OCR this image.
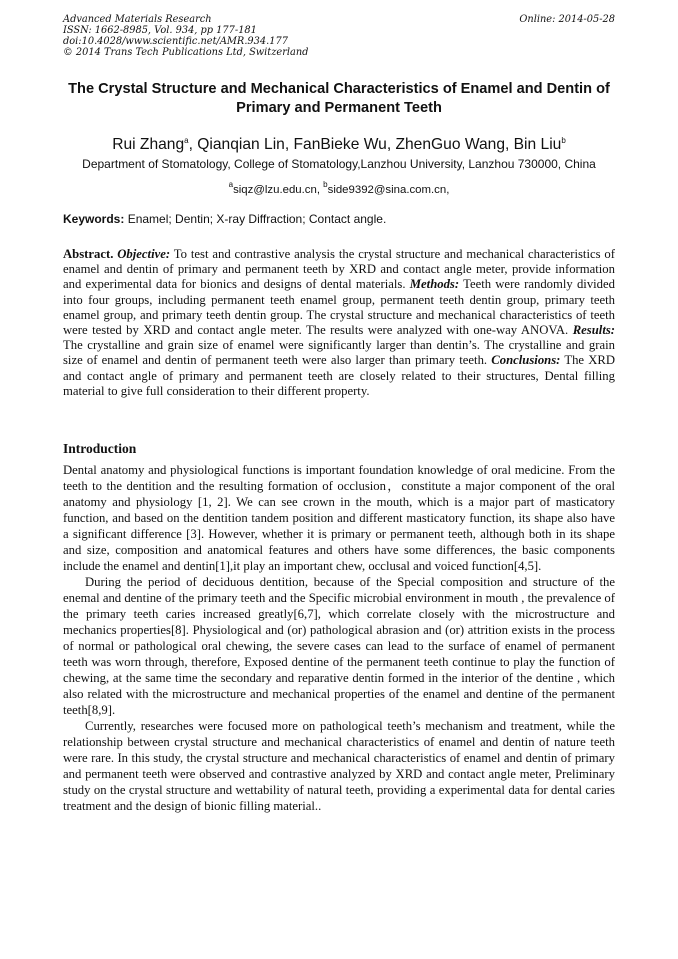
Advanced Materials Research
ISSN: 1662-8985, Vol. 934, pp 177-181
doi:10.4028/www.scientific.net/AMR.934.177
© 2014 Trans Tech Publications Ltd, Switzerland
Online: 2014-05-28
The Crystal Structure and Mechanical Characteristics of Enamel and Dentin of Primary and Permanent Teeth
Rui Zhang$^a$, Qianqian Lin, FanBieke Wu, ZhenGuo Wang, Bin Liu$^b$
Department of Stomatology, College of Stomatology,Lanzhou University, Lanzhou 730000, China
$^a$siqz@lzu.edu.cn, $^b$side9392@sina.com.cn,
Keywords: Enamel; Dentin; X-ray Diffraction; Contact angle.
Abstract. Objective: To test and contrastive analysis the crystal structure and mechanical characteristics of enamel and dentin of primary and permanent teeth by XRD and contact angle meter, provide information and experimental data for bionics and designs of dental materials. Methods: Teeth were randomly divided into four groups, including permanent teeth enamel group, permanent teeth dentin group, primary teeth enamel group, and primary teeth dentin group. The crystal structure and mechanical characteristics of teeth were tested by XRD and contact angle meter. The results were analyzed with one-way ANOVA. Results: The crystalline and grain size of enamel were significantly larger than dentin’s. The crystalline and grain size of enamel and dentin of permanent teeth were also larger than primary teeth. Conclusions: The XRD and contact angle of primary and permanent teeth are closely related to their structures, Dental filling material to give full consideration to their different property.
Introduction

Dental anatomy and physiological functions is important foundation knowledge of oral medicine. From the teeth to the dentition and the resulting formation of occlusion，constitute a major component of the oral anatomy and physiology [1, 2]. We can see crown in the mouth, which is a major part of masticatory function, and based on the dentition tandem position and different masticatory function, its shape also have a significant difference [3]. However, whether it is primary or permanent teeth, although both in its shape and size, composition and anatomical features and others have some differences, the basic components include the enamel and dentin[1],it play an important chew, occlusal and voiced function[4,5].

During the period of deciduous dentition, because of the Special composition and structure of the enemal and dentine of the primary teeth and the Specific microbial environment in mouth , the prevalence of the primary teeth caries increased greatly[6,7], which correlate closely with the microstructure and mechanics properties[8]. Physiological and (or) pathological abrasion and (or) attrition exists in the process of normal or pathological oral chewing, the severe cases can lead to the surface of enamel of permanent teeth was worn through, therefore, Exposed dentine of the permanent teeth continue to play the function of chewing, at the same time the secondary and reparative dentin formed in the interior of the dentine , which also related with the microstructure and mechanical properties of the enamel and dentine of the permanent teeth[8,9].

Currently, researches were focused more on pathological teeth’s mechanism and treatment, while the relationship between crystal structure and mechanical characteristics of enamel and dentin of nature teeth were rare. In this study, the crystal structure and mechanical characteristics of enamel and dentin of primary and permanent teeth were observed and contrastive analyzed by XRD and contact angle meter, Preliminary study on the crystal structure and wettability of natural teeth, providing a experimental data for dental caries treatment and the design of bionic filling material..
